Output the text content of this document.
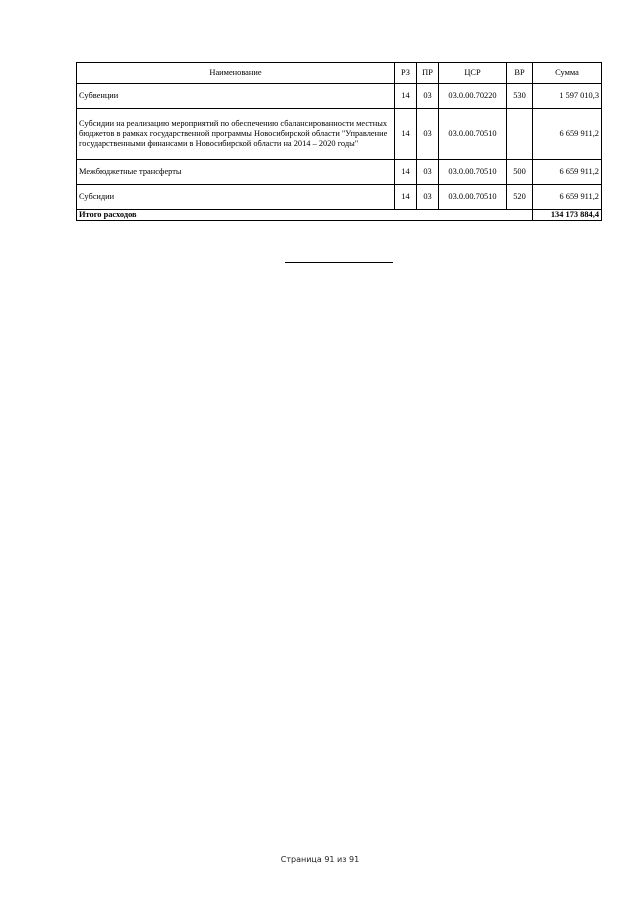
Наименование	РЗ	ПР	ЦСР	ВР	Сумма
Субвенции	14	03	03.0.00.70220	530	1 597 010,3
Субсидии на реализацию мероприятий по обеспечению сбалансированности местных бюджетов в рамках государственной программы Новосибирской области "Управление государственными финансами в Новосибирской области на 2014 – 2020 годы"	14	03	03.0.00.70510		6 659 911,2
Межбюджетные трансферты	14	03	03.0.00.70510	500	6 659 911,2
Субсидии	14	03	03.0.00.70510	520	6 659 911,2
Итого расходов					134 173 884,4
Страница 91 из 91
